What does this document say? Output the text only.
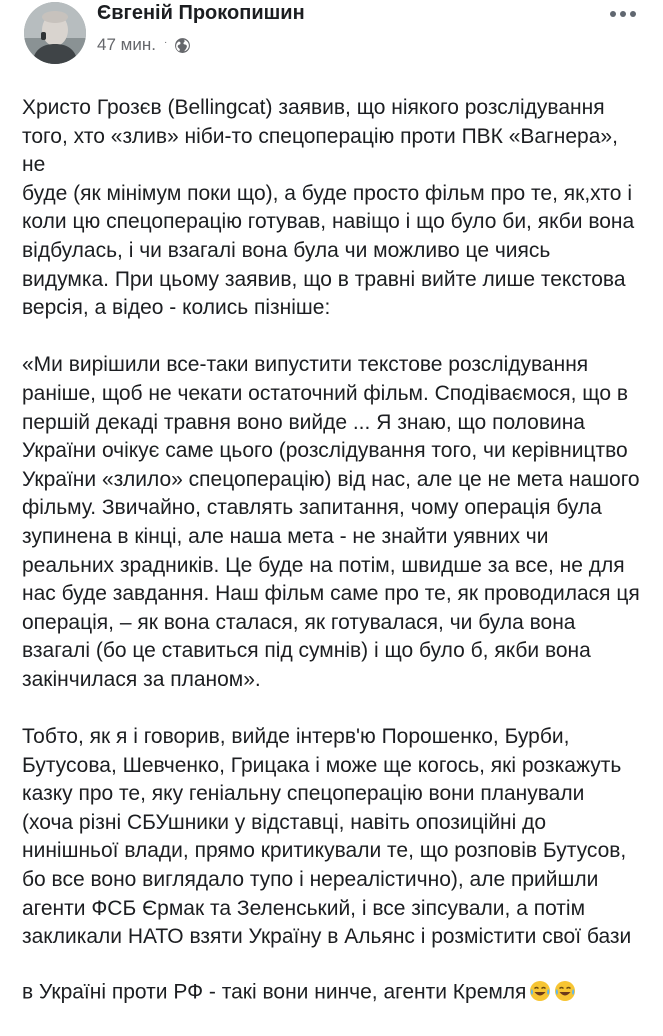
Євгеній Прокопишин
47 мин. ·

Христо Грозєв (Bellingcat) заявив, що ніякого розслідування
того, хто «злив» ніби-то спецоперацію проти ПВК «Вагнера», не
буде (як мінімум поки що), а буде просто фільм про те, як,хто і
коли цю спецоперацію готував, навіщо і що було би, якби вона
відбулась, і чи взагалі вона була чи можливо це чиясь
видумка. При цьому заявив, що в травні вийте лише текстова
версія, а відео - колись пізніше:

«Ми вирішили все-таки випустити текстове розслідування
раніше, щоб не чекати остаточний фільм. Сподіваємося, що в
першій декаді травня воно вийде ... Я знаю, що половина
України очікує саме цього (розслідування того, чи керівництво
України «злило» спецоперацію) від нас, але це не мета нашого
фільму. Звичайно, ставлять запитання, чому операція була
зупинена в кінці, але наша мета - не знайти уявних чи
реальних зрадників. Це буде на потім, швидше за все, не для
нас буде завдання. Наш фільм саме про те, як проводилася ця
операція, – як вона сталася, як готувалася, чи була вона
взагалі (бо це ставиться під сумнів) і що було б, якби вона
закінчилася за планом».

Тобто, як я і говорив, вийде інтерв'ю Порошенко, Бурби,
Бутусова, Шевченко, Грицака і може ще когось, які розкажуть
казку про те, яку геніальну спецоперацію вони планували
(хоча різні СБУшники у відставці, навіть опозиційні до
нинішньої влади, прямо критикували те, що розповів Бутусов,
бо все воно виглядало тупо і нереалістично), але прийшли
агенти ФСБ Єрмак та Зеленський, і все зіпсували, а потім
закликали НАТО взяти Україну в Альянс і розмістити свої бази
в Україні проти РФ - такі вони нинче, агенти Кремля
